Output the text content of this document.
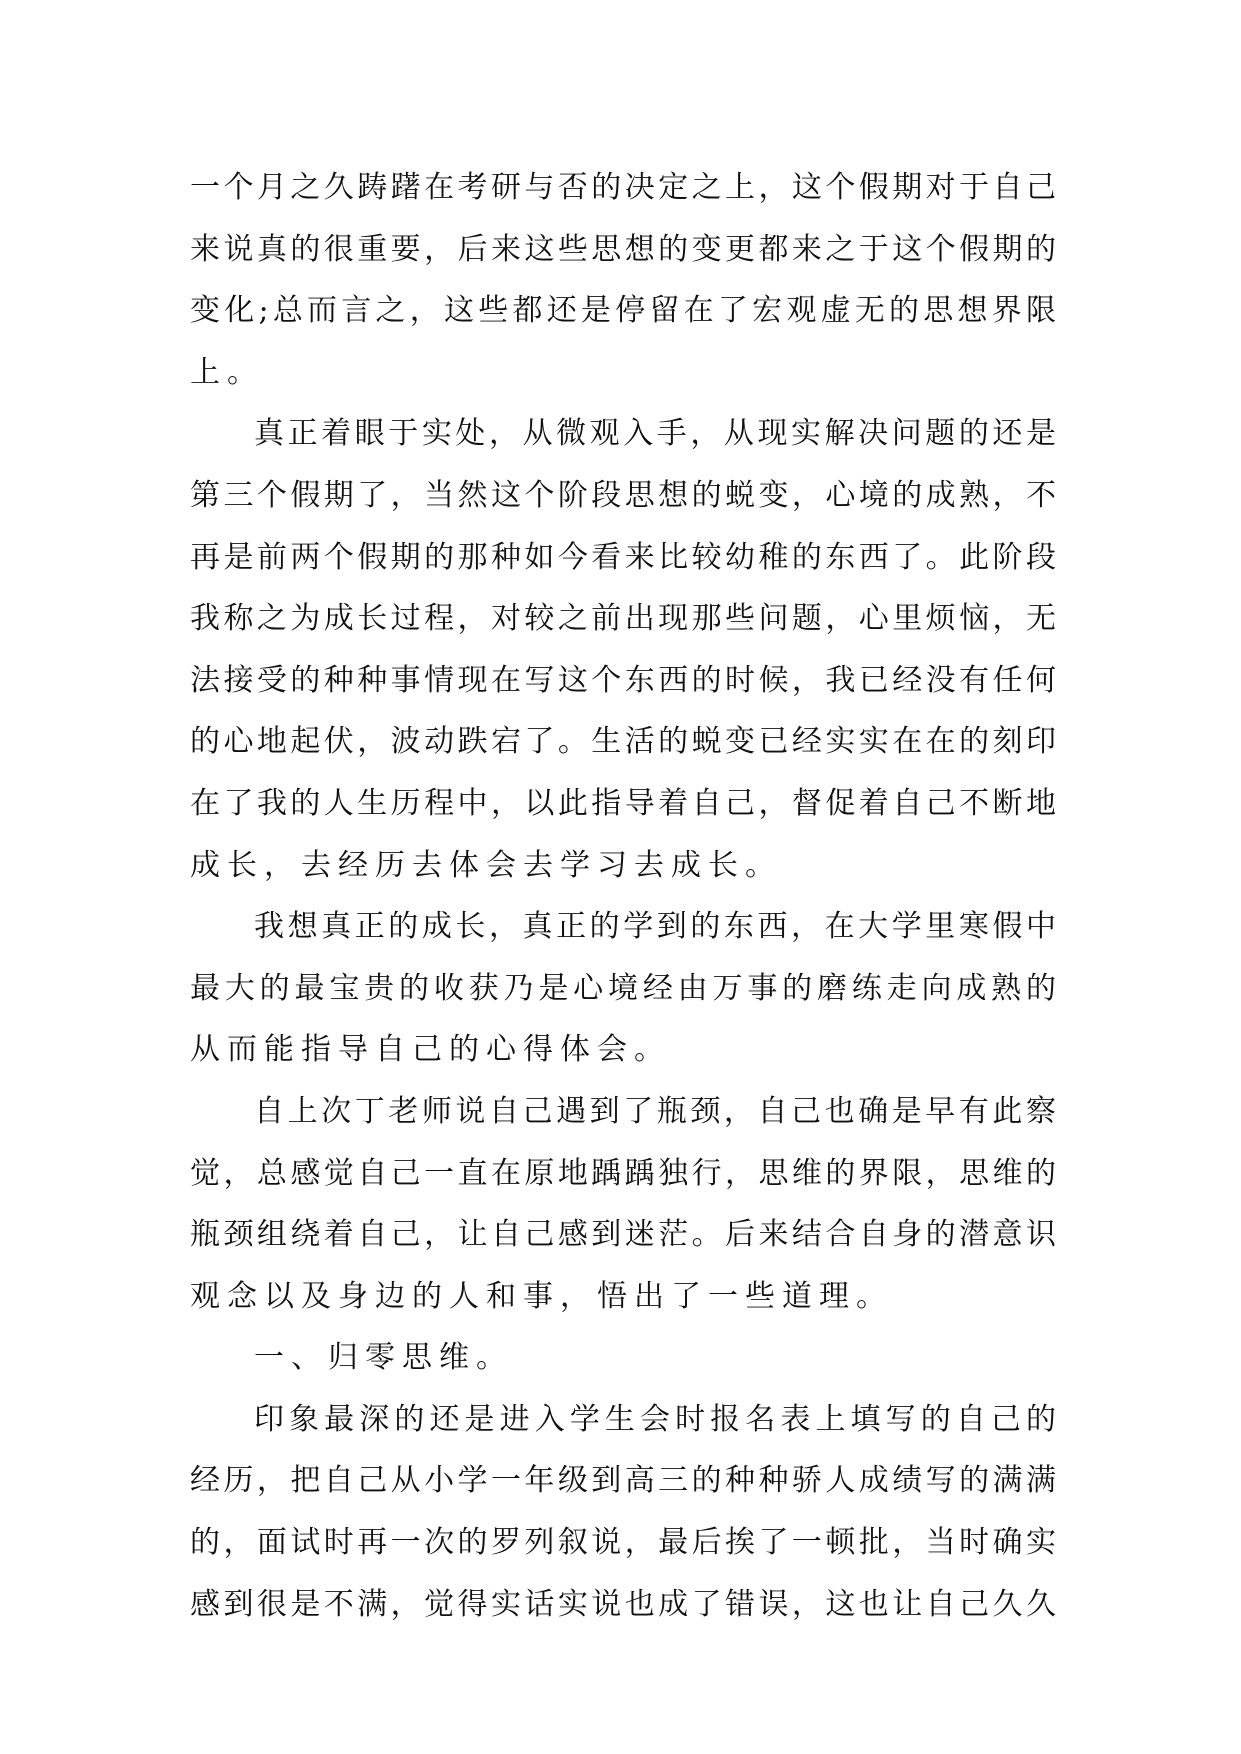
一个月之久踌躇在考研与否的决定之上，这个假期对于自己
来说真的很重要，后来这些思想的变更都来之于这个假期的
变化;总而言之，这些都还是停留在了宏观虚无的思想界限
上。
真正着眼于实处，从微观入手，从现实解决问题的还是
第三个假期了，当然这个阶段思想的蜕变，心境的成熟，不
再是前两个假期的那种如今看来比较幼稚的东西了。此阶段
我称之为成长过程，对较之前出现那些问题，心里烦恼，无
法接受的种种事情现在写这个东西的时候，我已经没有任何
的心地起伏，波动跌宕了。生活的蜕变已经实实在在的刻印
在了我的人生历程中，以此指导着自己，督促着自己不断地
成长，去经历去体会去学习去成长。
我想真正的成长，真正的学到的东西，在大学里寒假中
最大的最宝贵的收获乃是心境经由万事的磨练走向成熟的
从而能指导自己的心得体会。
自上次丁老师说自己遇到了瓶颈，自己也确是早有此察
觉，总感觉自己一直在原地踽踽独行，思维的界限，思维的
瓶颈组绕着自己，让自己感到迷茫。后来结合自身的潜意识
观念以及身边的人和事，悟出了一些道理。
一、归零思维。
印象最深的还是进入学生会时报名表上填写的自己的
经历，把自己从小学一年级到高三的种种骄人成绩写的满满
的，面试时再一次的罗列叙说，最后挨了一顿批，当时确实
感到很是不满，觉得实话实说也成了错误，这也让自己久久
